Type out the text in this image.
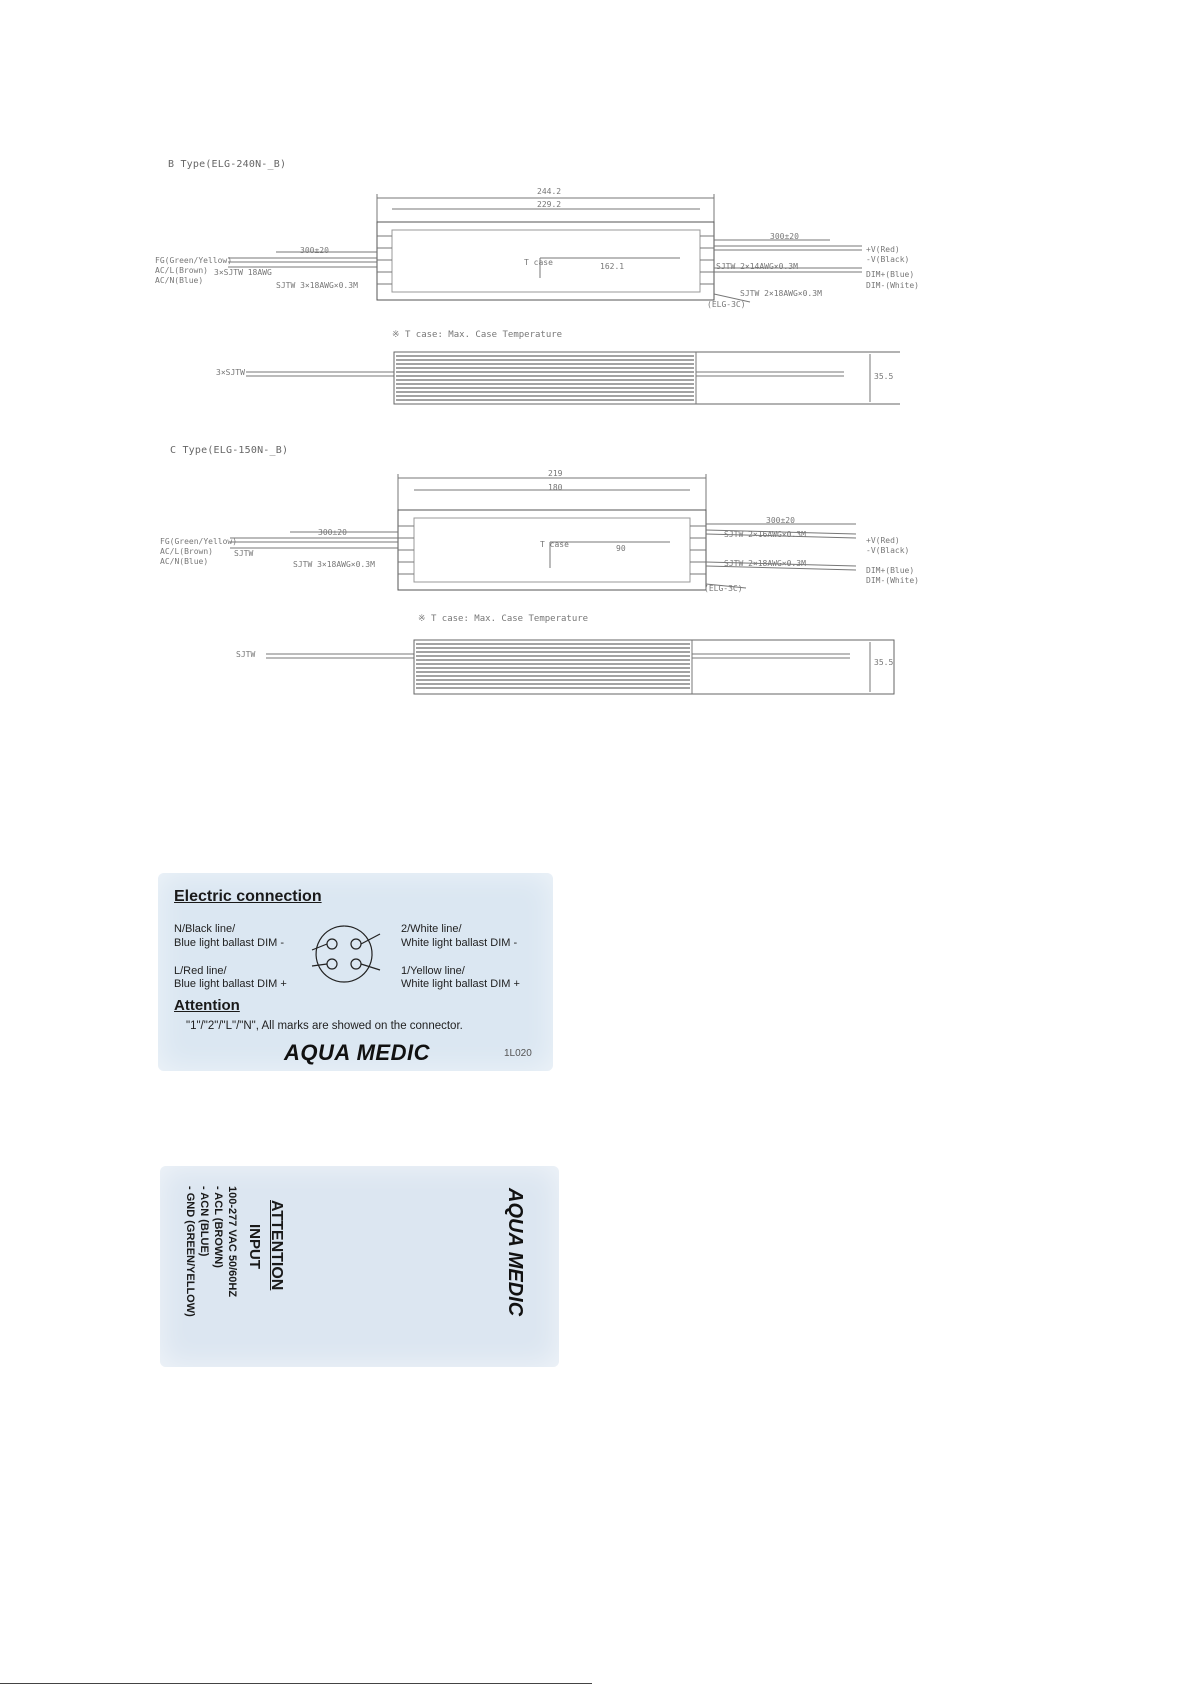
B Type(ELG-240N-_B)
244.2
229.2
300±20
300±20
T case	162.1
FG(Green/Yellow)
AC/L(Brown)
AC/N(Blue)
3×SJTW 18AWG
SJTW 3×18AWG×0.3M
+V(Red)
-V(Black)
DIM+(Blue)
DIM-(White)
SJTW 2×14AWG×0.3M
SJTW 2×18AWG×0.3M
(ELG-3C)
※ T case: Max. Case Temperature
3×SJTW	35.5
C Type(ELG-150N-_B)
219
180
300±20
300±20
T case	90
FG(Green/Yellow)
AC/L(Brown)
AC/N(Blue)
SJTW
SJTW 3×18AWG×0.3M
+V(Red)
-V(Black)
DIM+(Blue)
DIM-(White)
SJTW 2×16AWG×0.3M
SJTW 2×18AWG×0.3M
(ELG-3C)
※ T case: Max. Case Temperature
SJTW
35.5
Electric connection
N/Black line/
Blue light ballast DIM -
L/Red line/
Blue light ballast DIM +
2/White line/
White light ballast DIM -
1/Yellow line/
White light ballast DIM +
Attention
"1"/"2"/"L"/"N", All marks are showed on the connector.
AQUA MEDIC	1L020
ATTENTION
INPUT
100-277 VAC 50/60HZ
- ACL (BROWN)
- ACN (BLUE)
- GND (GREEN/YELLOW)	AQUA MEDIC
